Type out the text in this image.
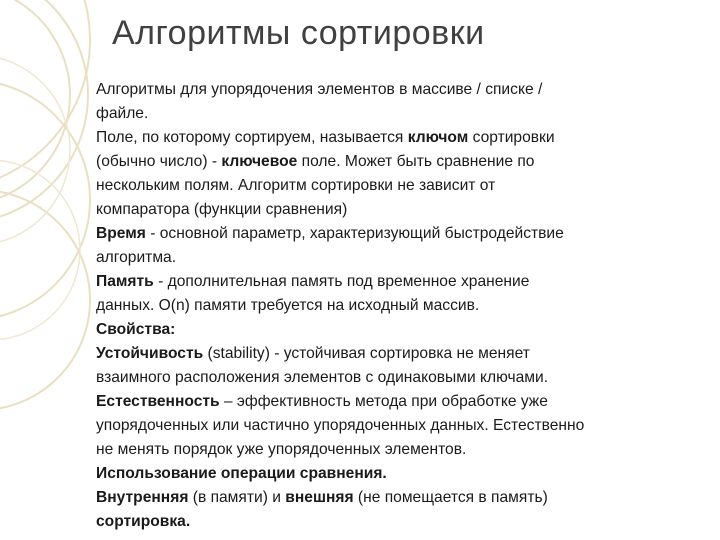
Алгоритмы сортировки
Алгоритмы для упорядочения элементов в массиве / списке /
файле.
Поле, по которому сортируем, называется ключом сортировки
(обычно число) - ключевое поле. Может быть сравнение по
нескольким полям. Алгоритм сортировки не зависит от
компаратора (функции сравнения)
Время - основной параметр, характеризующий быстродействие
алгоритма.
Память - дополнительная память под временное хранение
данных. O(n) памяти требуется на исходный массив.
Свойства:
Устойчивость (stability) - устойчивая сортировка не меняет
взаимного расположения элементов с одинаковыми ключами.
Естественность – эффективность метода при обработке уже
упорядоченных или частично упорядоченных данных. Естественно
не менять порядок уже упорядоченных элементов.
Использование операции сравнения.
Внутренняя (в памяти) и внешняя (не помещается в память)
сортировка.
